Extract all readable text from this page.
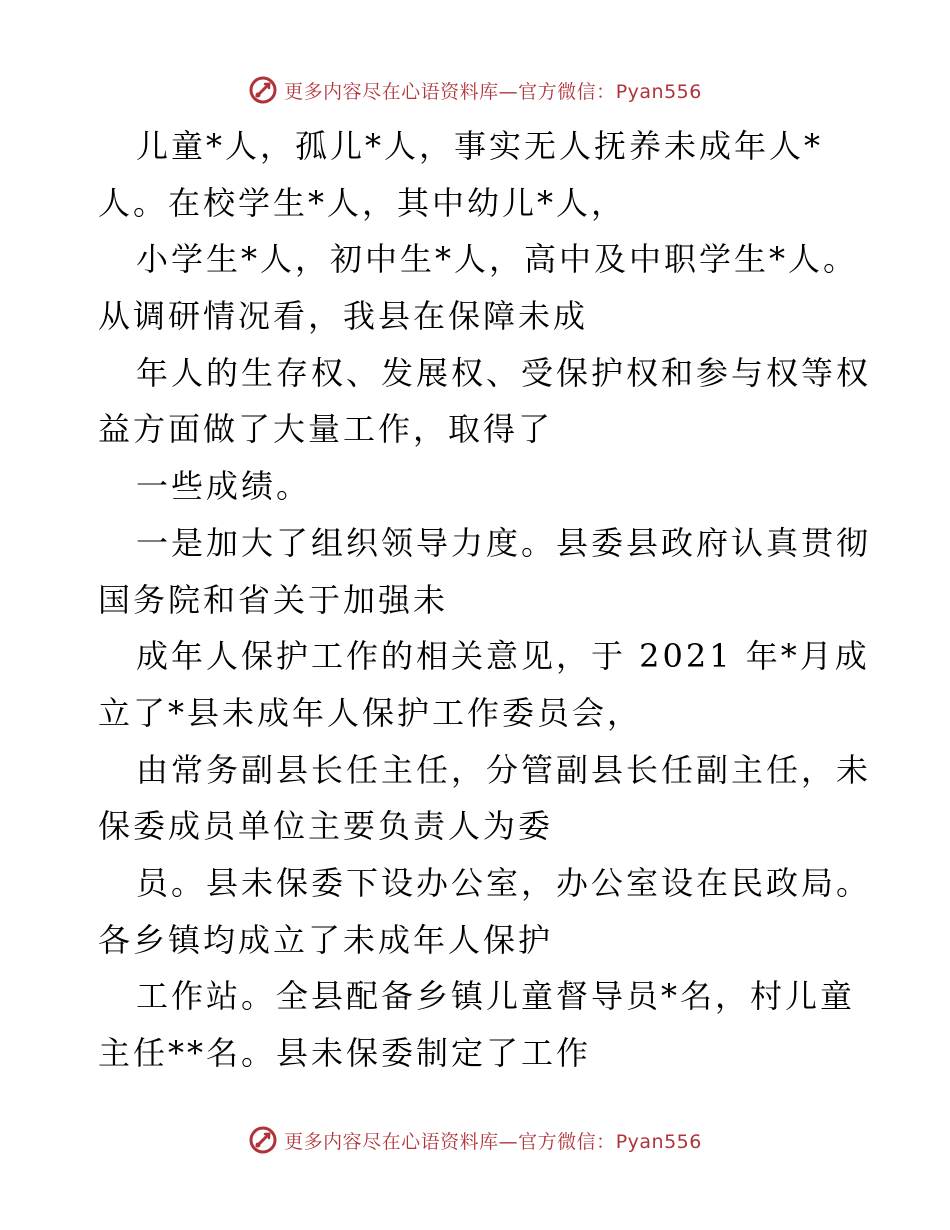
更多内容尽在心语资料库—官方微信：Pyan556
儿童*人，孤儿*人，事实无人抚养未成年人*
人。在校学生*人，其中幼儿*人，
小学生*人，初中生*人，高中及中职学生*人。
从调研情况看，我县在保障未成
年人的生存权、发展权、受保护权和参与权等权
益方面做了大量工作，取得了
一些成绩。
一是加大了组织领导力度。县委县政府认真贯彻
国务院和省关于加强未
成年人保护工作的相关意见，于 2021 年*月成
立了*县未成年人保护工作委员会，
由常务副县长任主任，分管副县长任副主任，未
保委成员单位主要负责人为委
员。县未保委下设办公室，办公室设在民政局。
各乡镇均成立了未成年人保护
工作站。全县配备乡镇儿童督导员*名，村儿童
主任**名。县未保委制定了工作
更多内容尽在心语资料库—官方微信：Pyan556
